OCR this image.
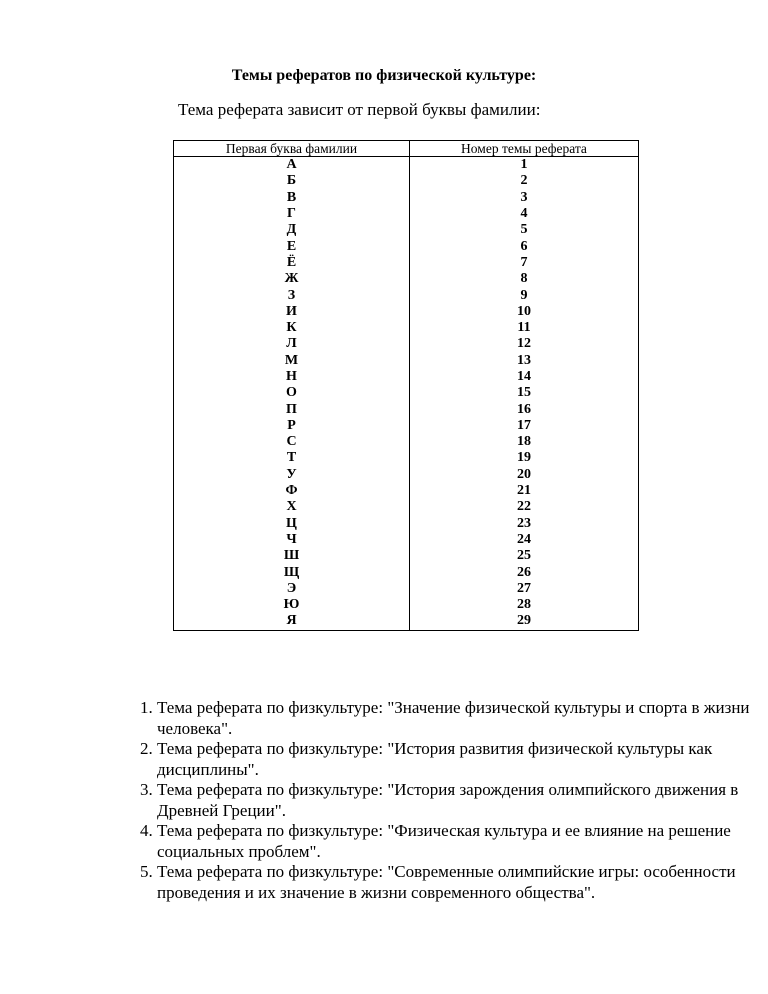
Темы рефератов по физической культуре:

Тема реферата зависит от первой буквы фамилии:

Первая буква фамилии	Номер темы реферата
А	1
Б	2
В	3
Г	4
Д	5
Е	6
Ё	7
Ж	8
З	9
И	10
К	11
Л	12
М	13
Н	14
О	15
П	16
Р	17
С	18
Т	19
У	20
Ф	21
Х	22
Ц	23
Ч	24
Ш	25
Щ	26
Э	27
Ю	28
Я	29
1. Тема реферата по физкультуре: "Значение физической культуры и спорта в жизни человека".
2. Тема реферата по физкультуре: "История развития физической культуры как дисциплины".
3. Тема реферата по физкультуре: "История зарождения олимпийского движения в Древней Греции".
4. Тема реферата по физкультуре: "Физическая культура и ее влияние на решение социальных проблем".
5. Тема реферата по физкультуре: "Современные олимпийские игры: особенности проведения и их значение в жизни современного общества".
